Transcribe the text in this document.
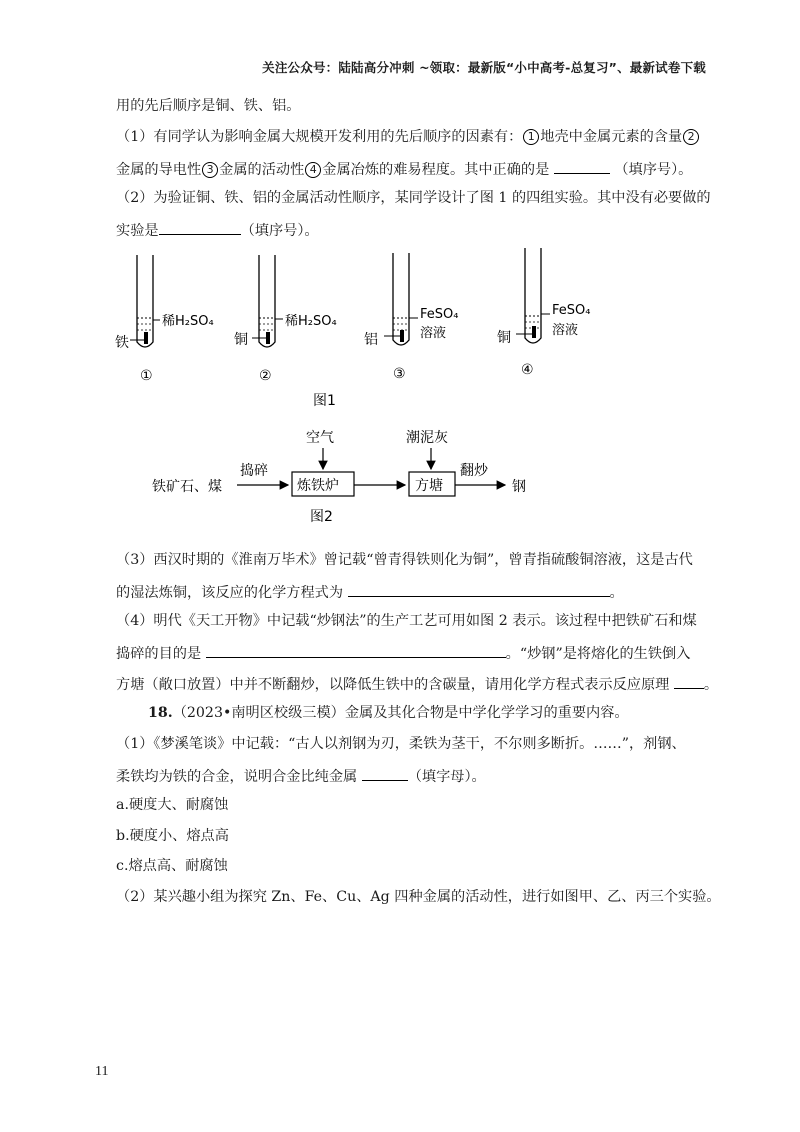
关注公众号：陆陆高分冲刺 ~领取：最新版“小中高考-总复习”、最新试卷下载
用的先后顺序是铜、铁、铝。
（1）有同学认为影响金属大规模开发利用的先后顺序的因素有： 1 地壳中金属元素的含量 2
金属的导电性 3 金属的活动性 4 金属冶炼的难易程度。其中正确的是	（填序号）。
（2）为验证铜、铁、铝的金属活动性顺序，某同学设计了图 1 的四组实验。其中没有必要做的
实验是	（填序号）。
稀H₂SO₄
铁
①
稀H₂SO₄
铜
②
FeSO₄
溶液
铝
③
FeSO₄
溶液
铜
④
图1
铁矿石、煤
捣碎
炼铁炉
空气
方塘
潮泥灰
翻炒
钢
图2
（3）西汉时期的《淮南万毕术》曾记载“曾青得铁则化为铜”，曾青指硫酸铜溶液，这是古代
的湿法炼铜，该反应的化学方程式为	。
（4）明代《天工开物》中记载“炒钢法”的生产工艺可用如图 2 表示。该过程中把铁矿石和煤
捣碎的目的是	。“炒钢”是将熔化的生铁倒入
方塘（敞口放置）中并不断翻炒，以降低生铁中的含碳量，请用化学方程式表示反应原理 。
18.（2023•南明区校级三模）金属及其化合物是中学化学学习的重要内容。
（1）《梦溪笔谈》中记载：“古人以剂钢为刃，柔铁为茎干，不尔则多断折。……”，剂钢、
柔铁均为铁的合金，说明合金比纯金属	（填字母）。
a.硬度大、耐腐蚀
b.硬度小、熔点高
c.熔点高、耐腐蚀
（2）某兴趣小组为探究 Zn、Fe、Cu、Ag 四种金属的活动性，进行如图甲、乙、丙三个实验。
11
